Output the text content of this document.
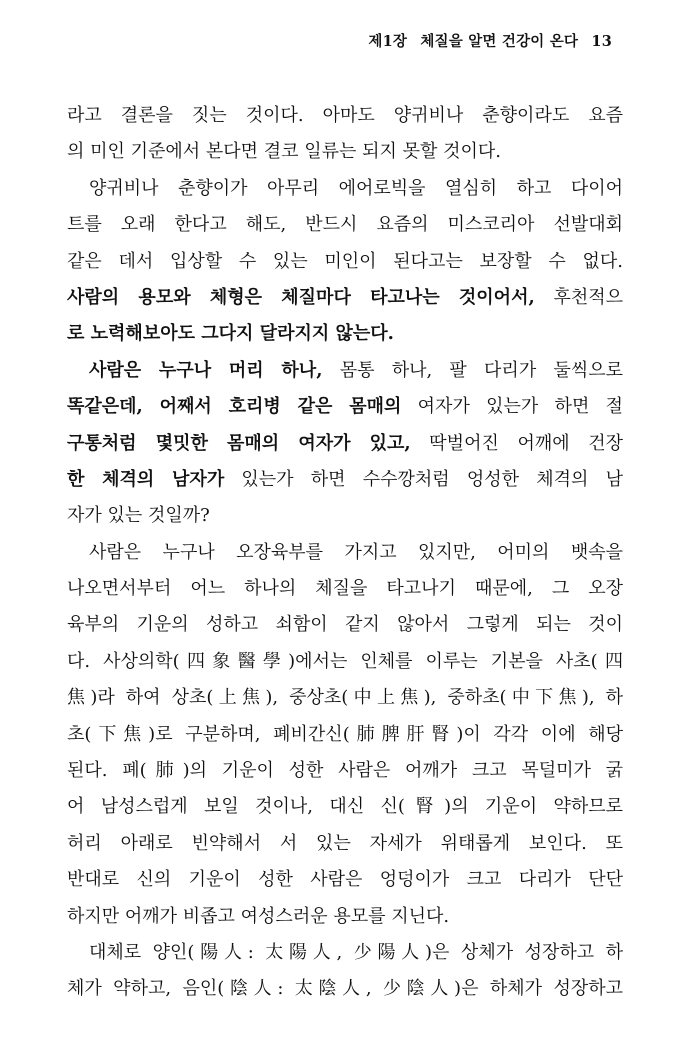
제1장 체질을 알면 건강이 온다 13
라고 결론을 짓는 것이다. 아마도 양귀비나 춘향이라도 요즘
의 미인 기준에서 본다면 결코 일류는 되지 못할 것이다.
양귀비나 춘향이가 아무리 에어로빅을 열심히 하고 다이어
트를 오래 한다고 해도, 반드시 요즘의 미스코리아 선발대회
같은 데서 입상할 수 있는 미인이 된다고는 보장할 수 없다.
사람의 용모와 체형은 체질마다 타고나는 것이어서, 후천적으
로 노력해보아도 그다지 달라지지 않는다.
사람은 누구나 머리 하나, 몸통 하나, 팔 다리가 둘씩으로
똑같은데, 어째서 호리병 같은 몸매의 여자가 있는가 하면 절
구통처럼 몇밋한 몸매의 여자가 있고, 딱벌어진 어깨에 건장
한 체격의 남자가 있는가 하면 수수깡처럼 엉성한 체격의 남
자가 있는 것일까?
사람은 누구나 오장육부를 가지고 있지만, 어미의 뱃속을
나오면서부터 어느 하나의 체질을 타고나기 때문에, 그 오장
육부의 기운의 성하고 쇠함이 같지 않아서 그렇게 되는 것이
다. 사상의학(四象醫學)에서는 인체를 이루는 기본을 사초(四
焦)라 하여 상초(上焦), 중상초(中上焦), 중하초(中下焦), 하
초(下焦)로 구분하며, 폐비간신(肺脾肝腎)이 각각 이에 해당
된다. 폐(肺)의 기운이 성한 사람은 어깨가 크고 목덜미가 굵
어 남성스럽게 보일 것이나, 대신 신(腎)의 기운이 약하므로
허리 아래로 빈약해서 서 있는 자세가 위태롭게 보인다. 또
반대로 신의 기운이 성한 사람은 엉덩이가 크고 다리가 단단
하지만 어깨가 비좁고 여성스러운 용모를 지닌다.
대체로 양인(陽人: 太陽人, 少陽人)은 상체가 성장하고 하
체가 약하고, 음인(陰人: 太陰人, 少陰人)은 하체가 성장하고
